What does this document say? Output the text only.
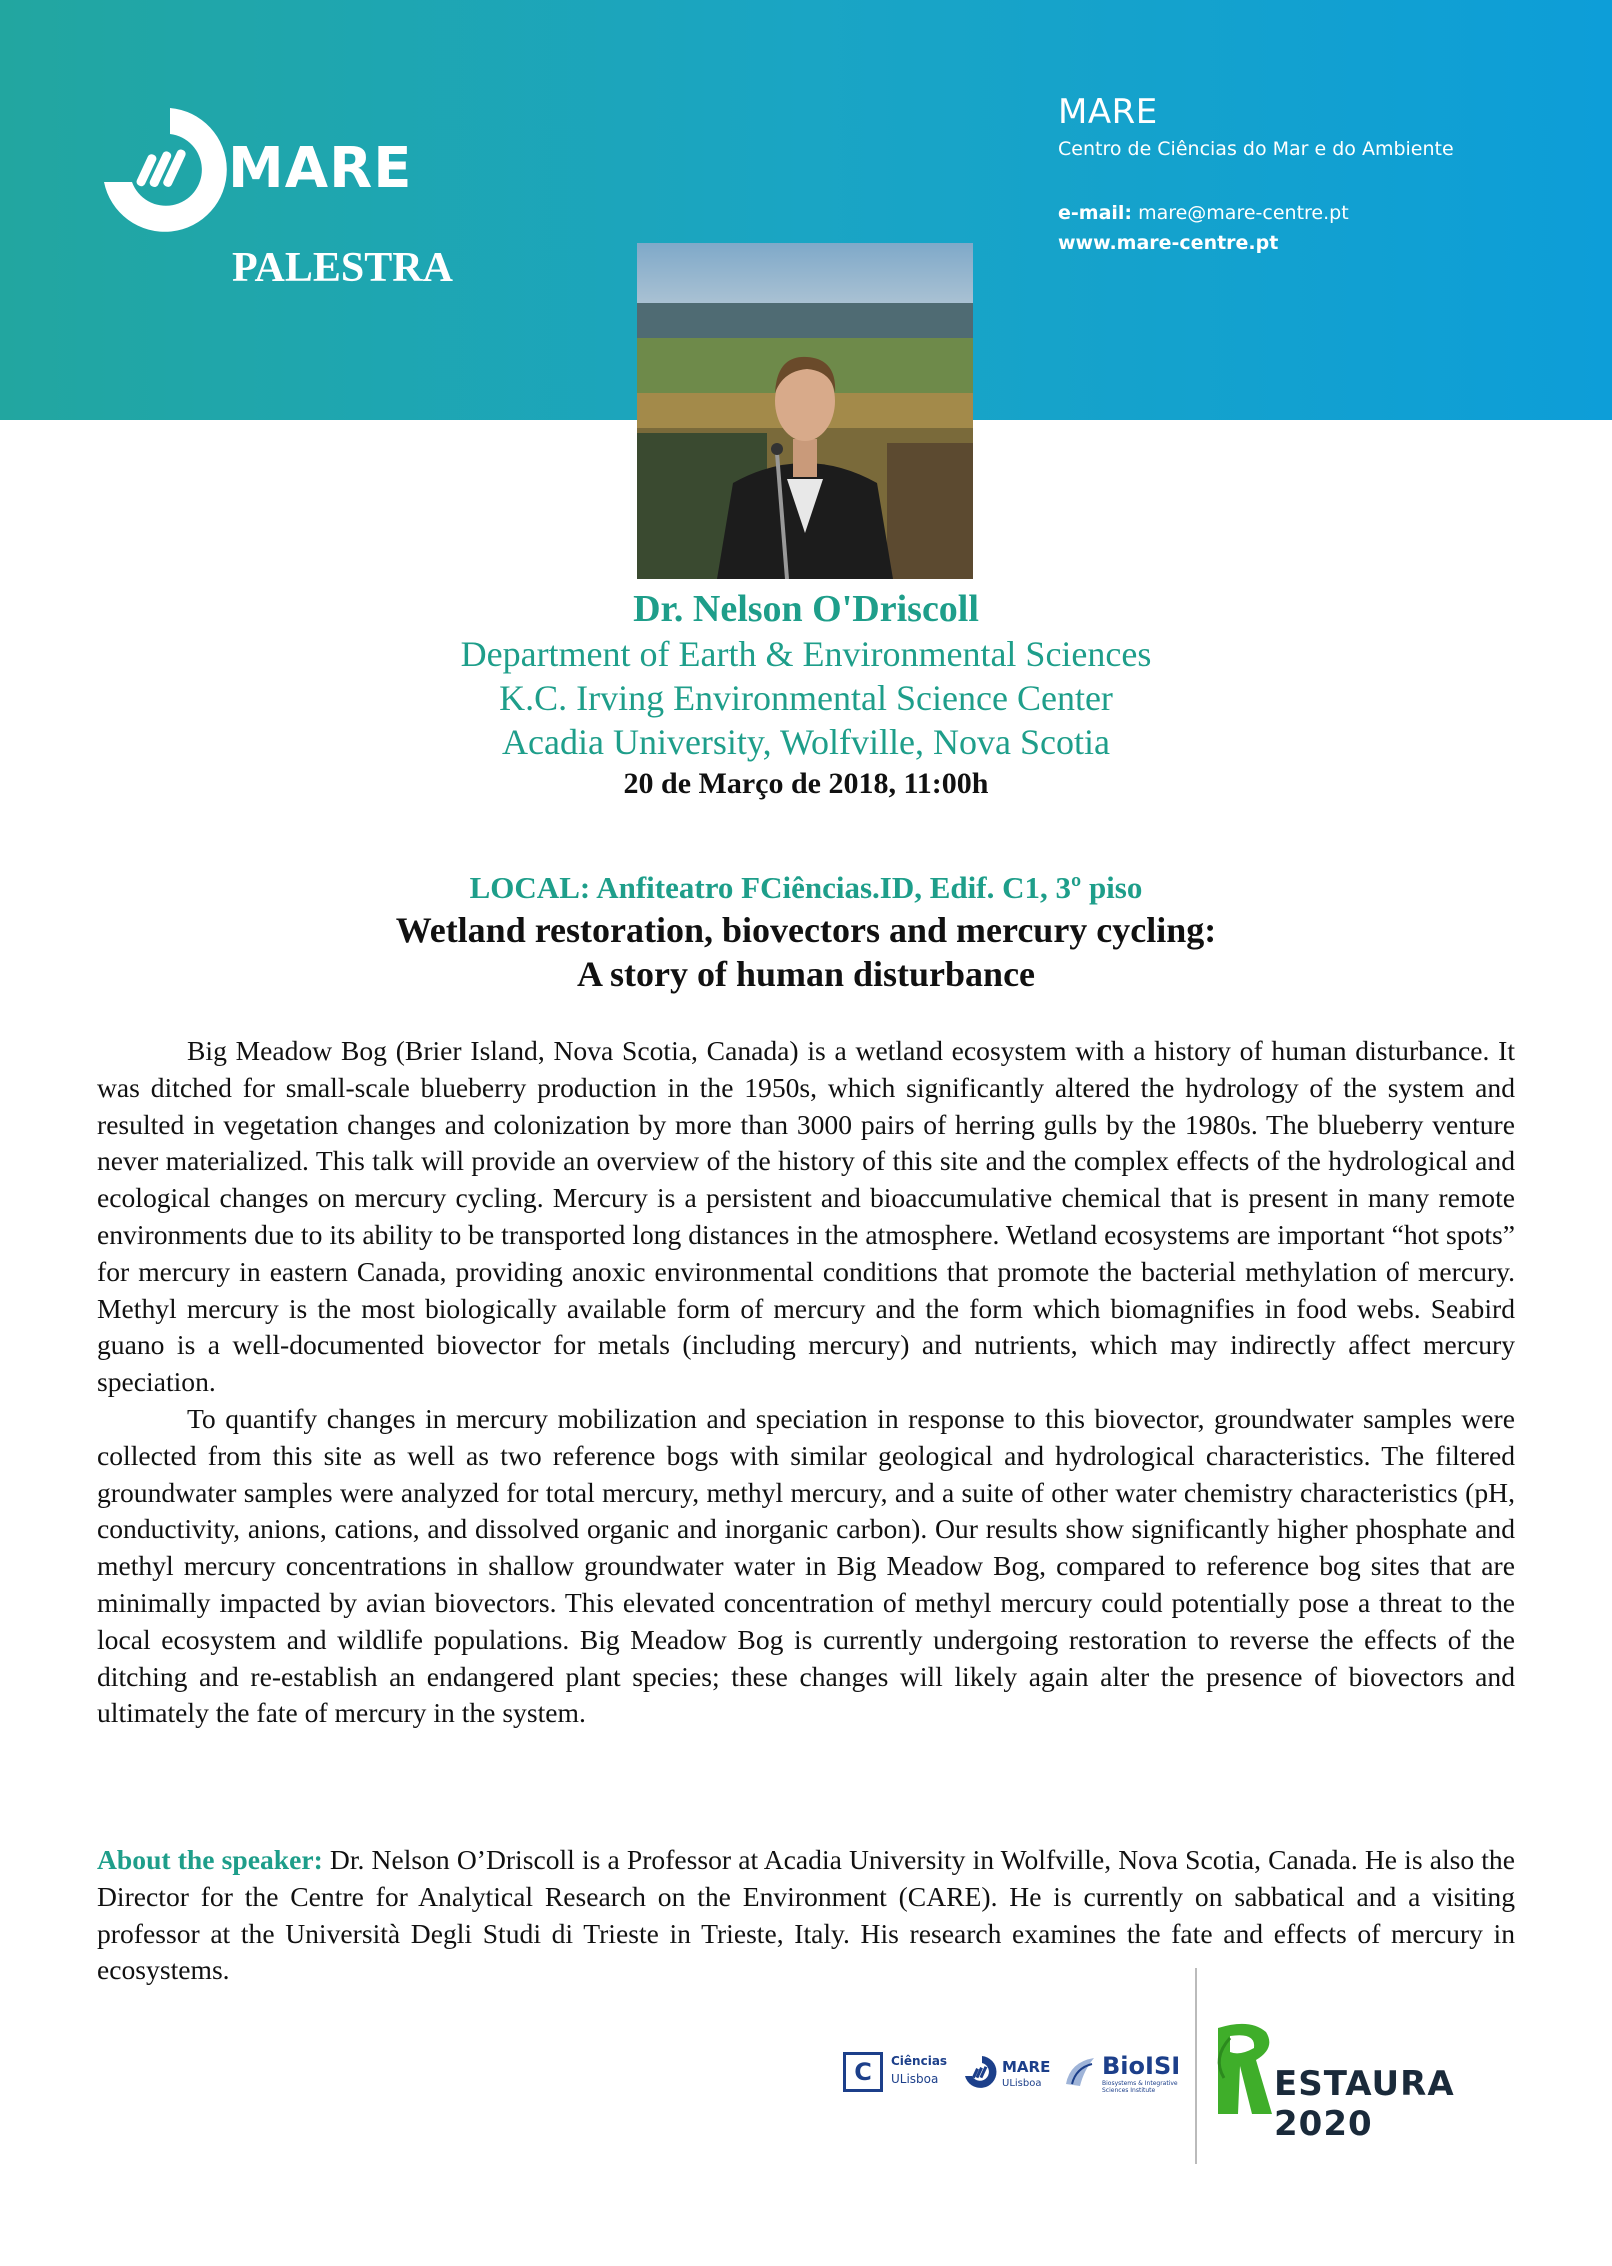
MARE
PALESTRA
MARE
Centro de Ciências do Mar e do Ambiente
e-mail: mare@mare-centre.pt
www.mare-centre.pt
Dr. Nelson O'Driscoll
Department of Earth & Environmental Sciences
K.C. Irving Environmental Science Center
Acadia University, Wolfville, Nova Scotia
20 de Março de 2018, 11:00h
LOCAL: Anfiteatro FCiências.ID, Edif. C1, 3º piso
Wetland restoration, biovectors and mercury cycling:
A story of human disturbance

Big Meadow Bog (Brier Island, Nova Scotia, Canada) is a wetland ecosystem with a history of human disturbance. It was ditched for small-scale blueberry production in the 1950s, which significantly altered the hydrology of the system and resulted in vegetation changes and colonization by more than 3000 pairs of herring gulls by the 1980s. The blueberry venture never materialized. This talk will provide an overview of the history of this site and the complex effects of the hydrological and ecological changes on mercury cycling. Mercury is a persistent and bioaccumulative chemical that is present in many remote environments due to its ability to be transported long distances in the atmosphere. Wetland ecosystems are important “hot spots” for mercury in eastern Canada, providing anoxic environmental conditions that promote the bacterial methylation of mercury. Methyl mercury is the most biologically available form of mercury and the form which biomagnifies in food webs. Seabird guano is a well-documented biovector for metals (including mercury) and nutrients, which may indirectly affect mercury speciation.

To quantify changes in mercury mobilization and speciation in response to this biovector, groundwater samples were collected from this site as well as two reference bogs with similar geological and hydrological characteristics. The filtered groundwater samples were analyzed for total mercury, methyl mercury, and a suite of other water chemistry characteristics (pH, conductivity, anions, cations, and dissolved organic and inorganic carbon). Our results show significantly higher phosphate and methyl mercury concentrations in shallow groundwater water in Big Meadow Bog, compared to reference bog sites that are minimally impacted by avian biovectors. This elevated concentration of methyl mercury could potentially pose a threat to the local ecosystem and wildlife populations. Big Meadow Bog is currently undergoing restoration to reverse the effects of the ditching and re-establish an endangered plant species; these changes will likely again alter the presence of biovectors and ultimately the fate of mercury in the system.

About the speaker: Dr. Nelson O’Driscoll is a Professor at Acadia University in Wolfville, Nova Scotia, Canada. He is also the Director for the Centre for Analytical Research on the Environment (CARE). He is currently on sabbatical and a visiting professor at the Università Degli Studi di Trieste in Trieste, Italy. His research examines the fate and effects of mercury in ecosystems.
C	Ciências
ULisboa
MARE
ULisboa
BioISI
Biosystems & Integrative Sciences Institute	ESTAURA 2020
